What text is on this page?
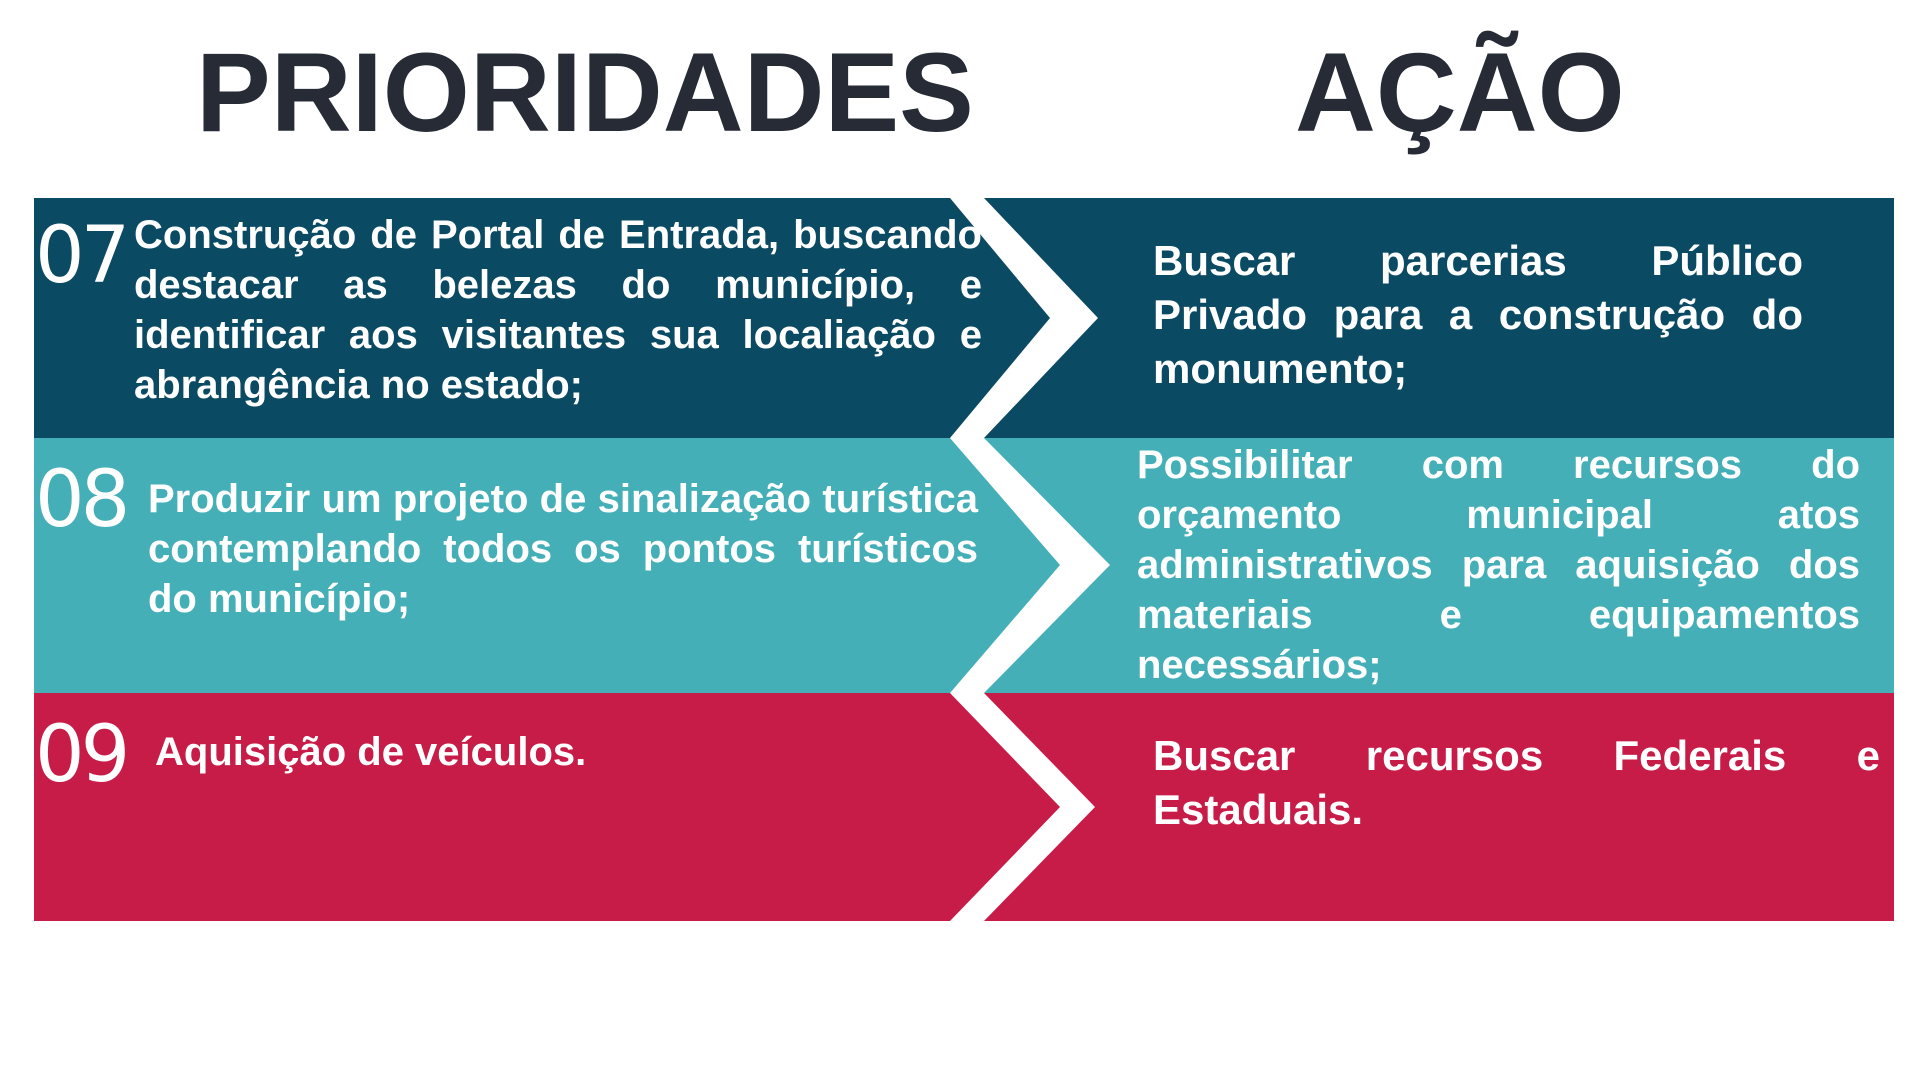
PRIORIDADES	AÇÃO
07 Construção de Portal de Entrada, buscando destacar as belezas do município, e identificar aos visitantes sua localiação e abrangência no estado;

Buscar parcerias Público Privado para a construção do monumento;

08 Produzir um projeto de sinalização turística contemplando todos os pontos turísticos do município;

Possibilitar com recursos do orçamento municipal atos administrativos para aquisição dos materiais e equipamentos necessários;

09 Aquisição de veículos.	Buscar recursos Federais e Estaduais.
